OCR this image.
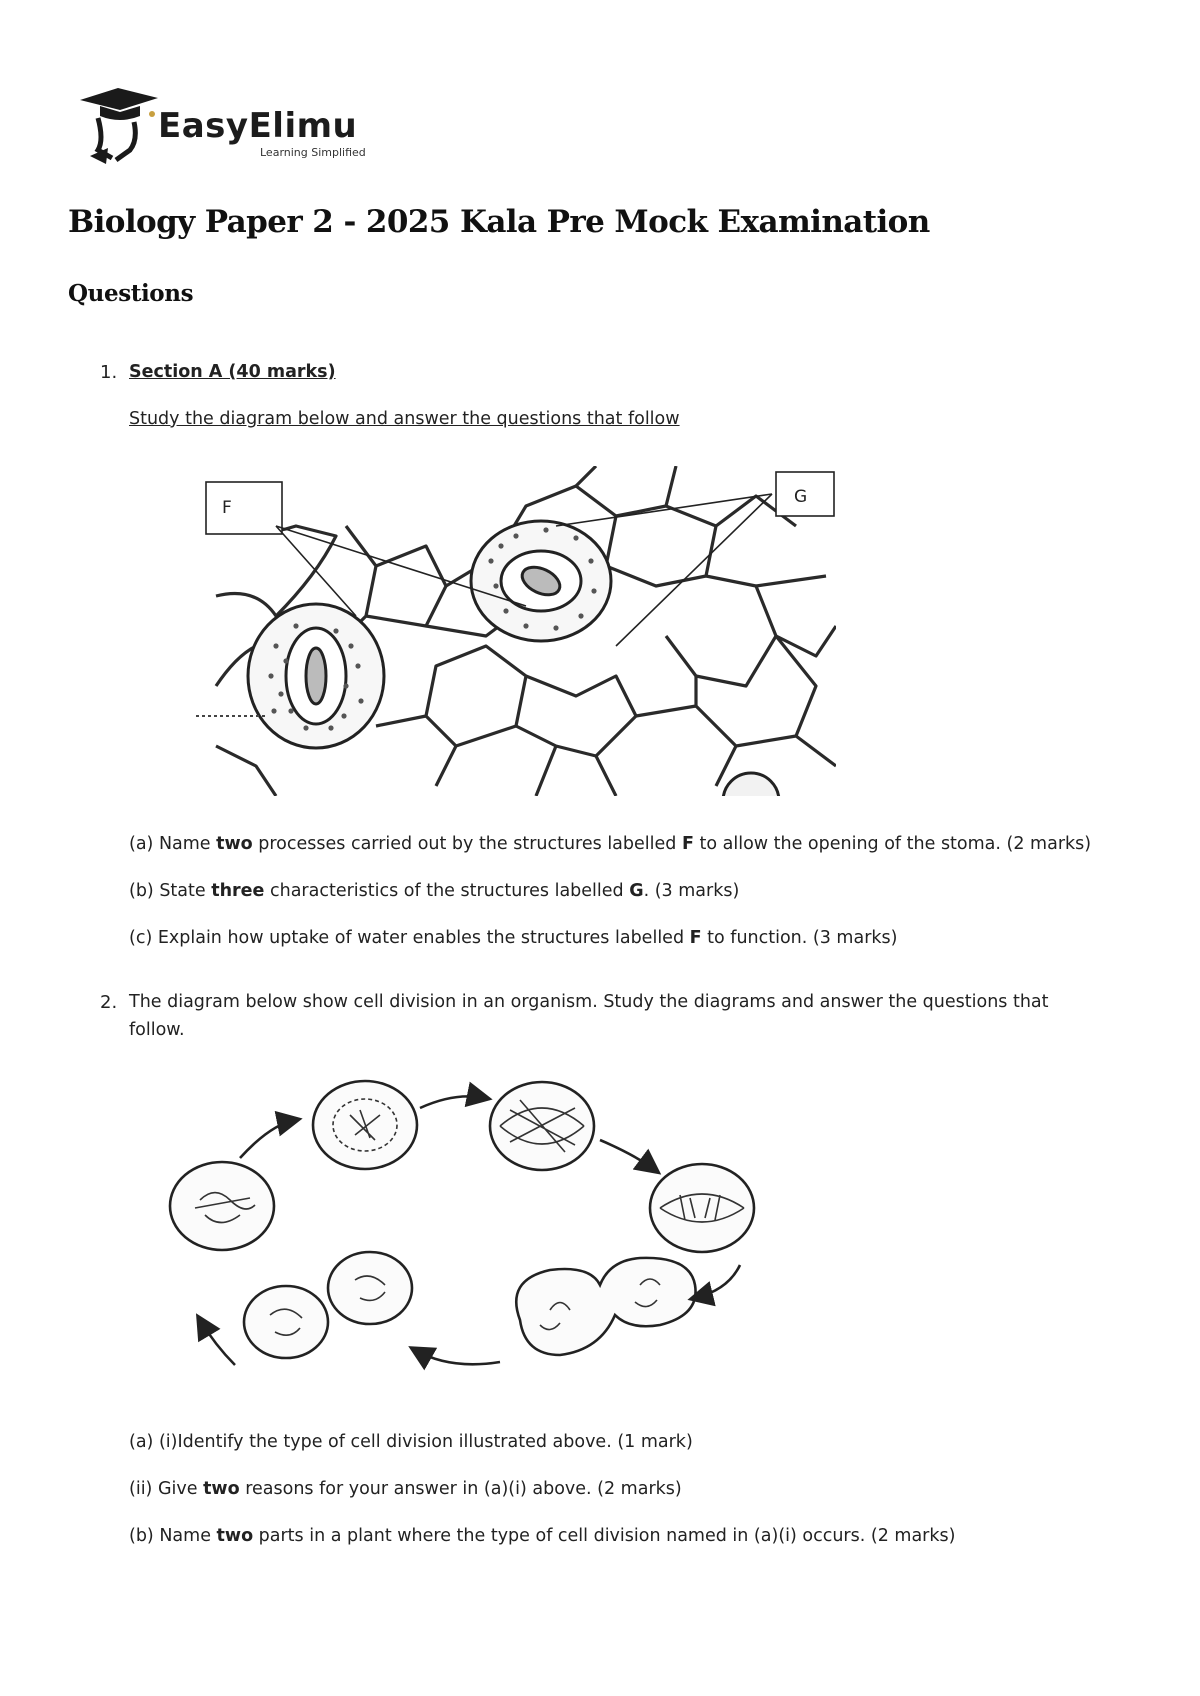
EasyElimu
Learning Simplified
Biology Paper 2 - 2025 Kala Pre Mock Examination
Questions
1. Section A (40 marks)
Study the diagram below and answer the questions that follow
F
G
(a) Name two processes carried out by the structures labelled F to allow the opening of the stoma. (2 marks)
(b) State three characteristics of the structures labelled G. (3 marks)
(c) Explain how uptake of water enables the structures labelled F to function. (3 marks)
2. The diagram below show cell division in an organism. Study the diagrams and answer the questions that
follow.
(a) (i)Identify the type of cell division illustrated above. (1 mark)
(ii) Give two reasons for your answer in (a)(i) above. (2 marks)
(b) Name two parts in a plant where the type of cell division named in (a)(i) occurs. (2 marks)
